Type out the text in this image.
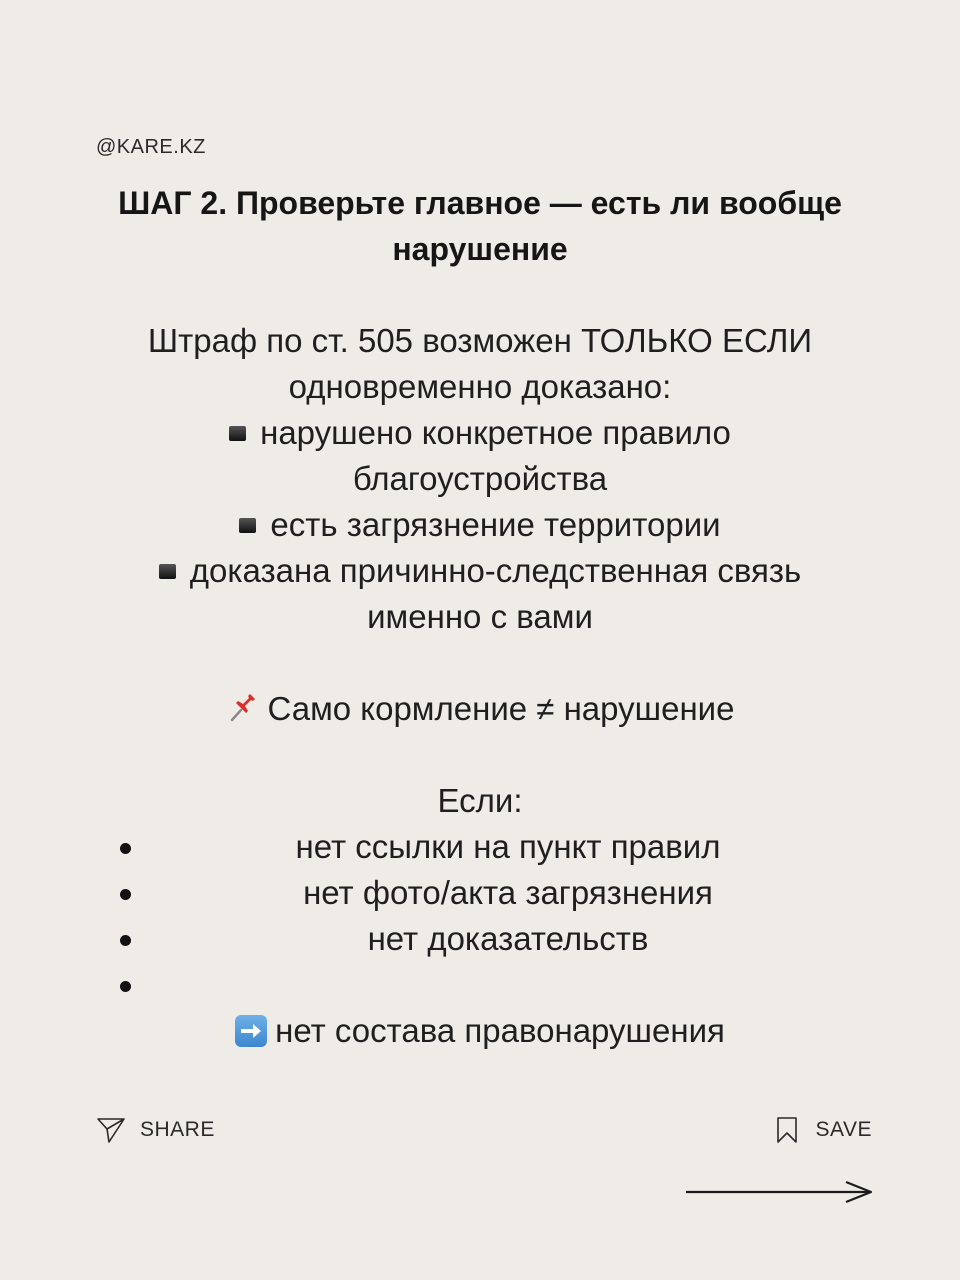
@KARE.KZ
ШАГ 2. Проверьте главное — есть ли вообще нарушение
Штраф по ст. 505 возможен ТОЛЬКО ЕСЛИ
одновременно доказано:
нарушено конкретное правило
благоустройства
есть загрязнение территории
доказана причинно-следственная связь
именно с вами
Само кормление ≠ нарушение
Если:
нет ссылки на пункт правил
нет фото/акта загрязнения
нет доказательств
нет состава правонарушения
SHARE	SAVE
